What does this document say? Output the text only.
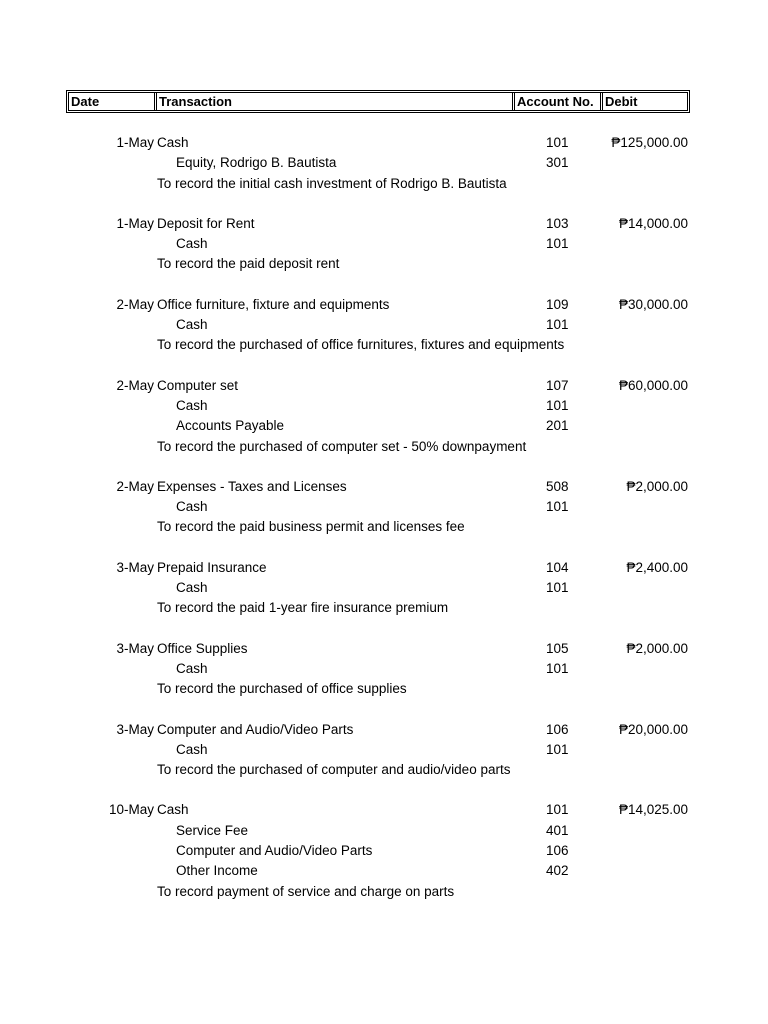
Date	Transaction	Account No. Debit
1-May Cash	101	₱125,000.00
Equity, Rodrigo B. Bautista	301
To record the initial cash investment of Rodrigo B. Bautista
1-May Deposit for Rent	103	₱14,000.00
Cash	101
To record the paid deposit rent
2-May Office furniture, fixture and equipments	109	₱30,000.00
Cash	101
To record the purchased of office furnitures, fixtures and equipments
2-May Computer set	107	₱60,000.00
Cash	101
Accounts Payable	201
To record the purchased of computer set - 50% downpayment
2-May Expenses - Taxes and Licenses	508	₱2,000.00
Cash	101
To record the paid business permit and licenses fee
3-May Prepaid Insurance	104	₱2,400.00
Cash	101
To record the paid 1-year fire insurance premium
3-May Office Supplies	105	₱2,000.00
Cash	101
To record the purchased of office supplies
3-May Computer and Audio/Video Parts	106	₱20,000.00
Cash	101
To record the purchased of computer and audio/video parts
10-May Cash	101	₱14,025.00
Service Fee	401
Computer and Audio/Video Parts	106
Other Income	402
To record payment of service and charge on parts
